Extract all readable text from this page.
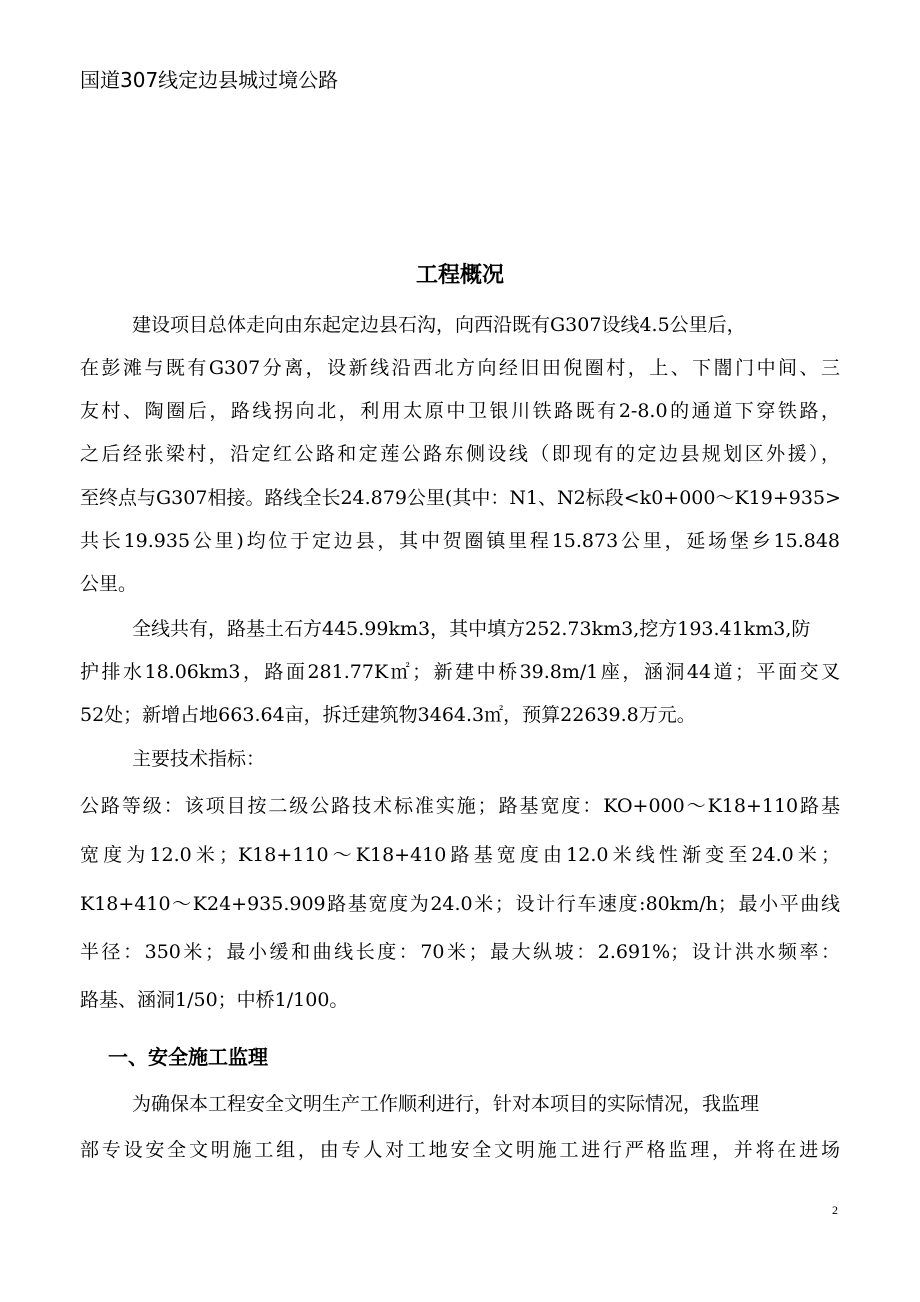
国道307线定边县城过境公路
工程概况
建设项目总体走向由东起定边县石沟，向西沿既有G307设线4.5公里后，
在彭滩与既有G307分离，设新线沿西北方向经旧田倪圈村，上、下闇门中间、三
友村、陶圈后，路线拐向北，利用太原中卫银川铁路既有2-8.0的通道下穿铁路，
之后经张梁村，沿定红公路和定莲公路东侧设线（即现有的定边县规划区外援），
至终点与G307相接。路线全长24.879公里(其中：N1、N2标段<k0+000～K19+935>
共长19.935公里)均位于定边县，其中贺圈镇里程15.873公里，延场堡乡15.848
公里。
全线共有，路基土石方445.99km3，其中填方252.73km3,挖方193.41km3,防
护排水18.06km3，路面281.77K㎡；新建中桥39.8m/1座，涵洞44道；平面交叉
52处；新增占地663.64亩，拆迁建筑物3464.3㎡，预算22639.8万元。
主要技术指标：
公路等级：该项目按二级公路技术标准实施；路基宽度：KO+000～K18+110路基
宽度为12.0米；K18+110～K18+410路基宽度由12.0米线性渐变至24.0米；
K18+410～K24+935.909路基宽度为24.0米；设计行车速度:80km/h；最小平曲线
半径：350米；最小缓和曲线长度：70米；最大纵坡：2.691%；设计洪水频率：
路基、涵洞1/50；中桥1/100。
一、安全施工监理
为确保本工程安全文明生产工作顺利进行，针对本项目的实际情况，我监理
部专设安全文明施工组，由专人对工地安全文明施工进行严格监理，并将在进场
2
